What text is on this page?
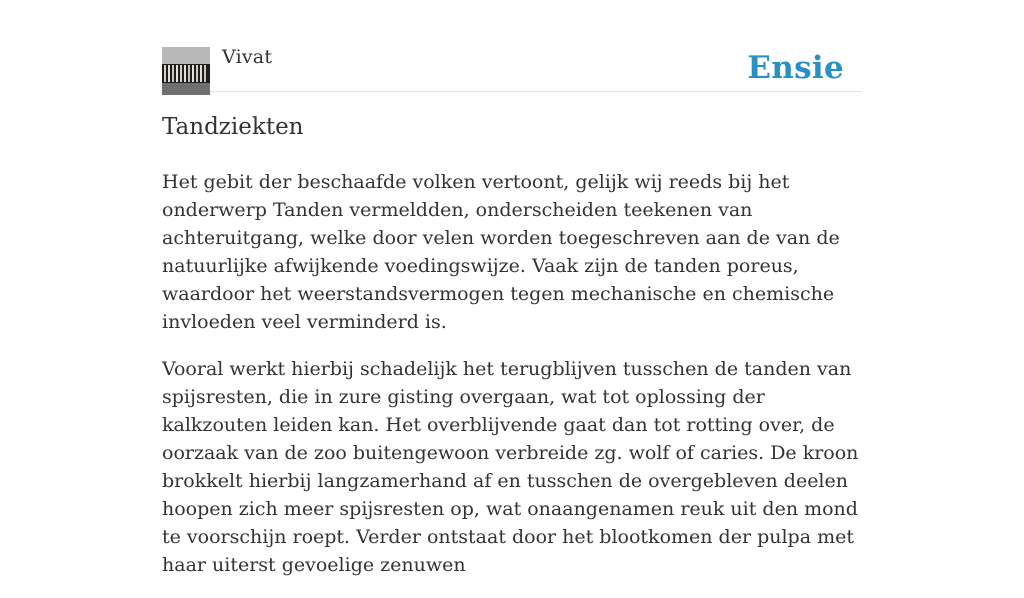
Vivat	Ensie
Tandziekten

Het gebit der beschaafde volken vertoont, gelijk wij reeds bij het onderwerp Tanden vermeldden, onderscheiden teekenen van achteruitgang, welke door velen worden toegeschreven aan de van de natuurlijke afwijkende voedingswijze. Vaak zijn de tanden poreus, waardoor het weerstandsvermogen tegen mechanische en chemische invloeden veel verminderd is.

Vooral werkt hierbij schadelijk het terugblijven tusschen de tanden van spijsresten, die in zure gisting overgaan, wat tot oplossing der kalkzouten leiden kan. Het overblijvende gaat dan tot rotting over, de oorzaak van de zoo buitengewoon verbreide zg. wolf of caries. De kroon brokkelt hierbij langzamerhand af en tusschen de overgebleven deelen hoopen zich meer spijsresten op, wat onaangenamen reuk uit den mond te voorschijn roept. Verder ontstaat door het blootkomen der pulpa met haar uiterst gevoelige zenuwen
